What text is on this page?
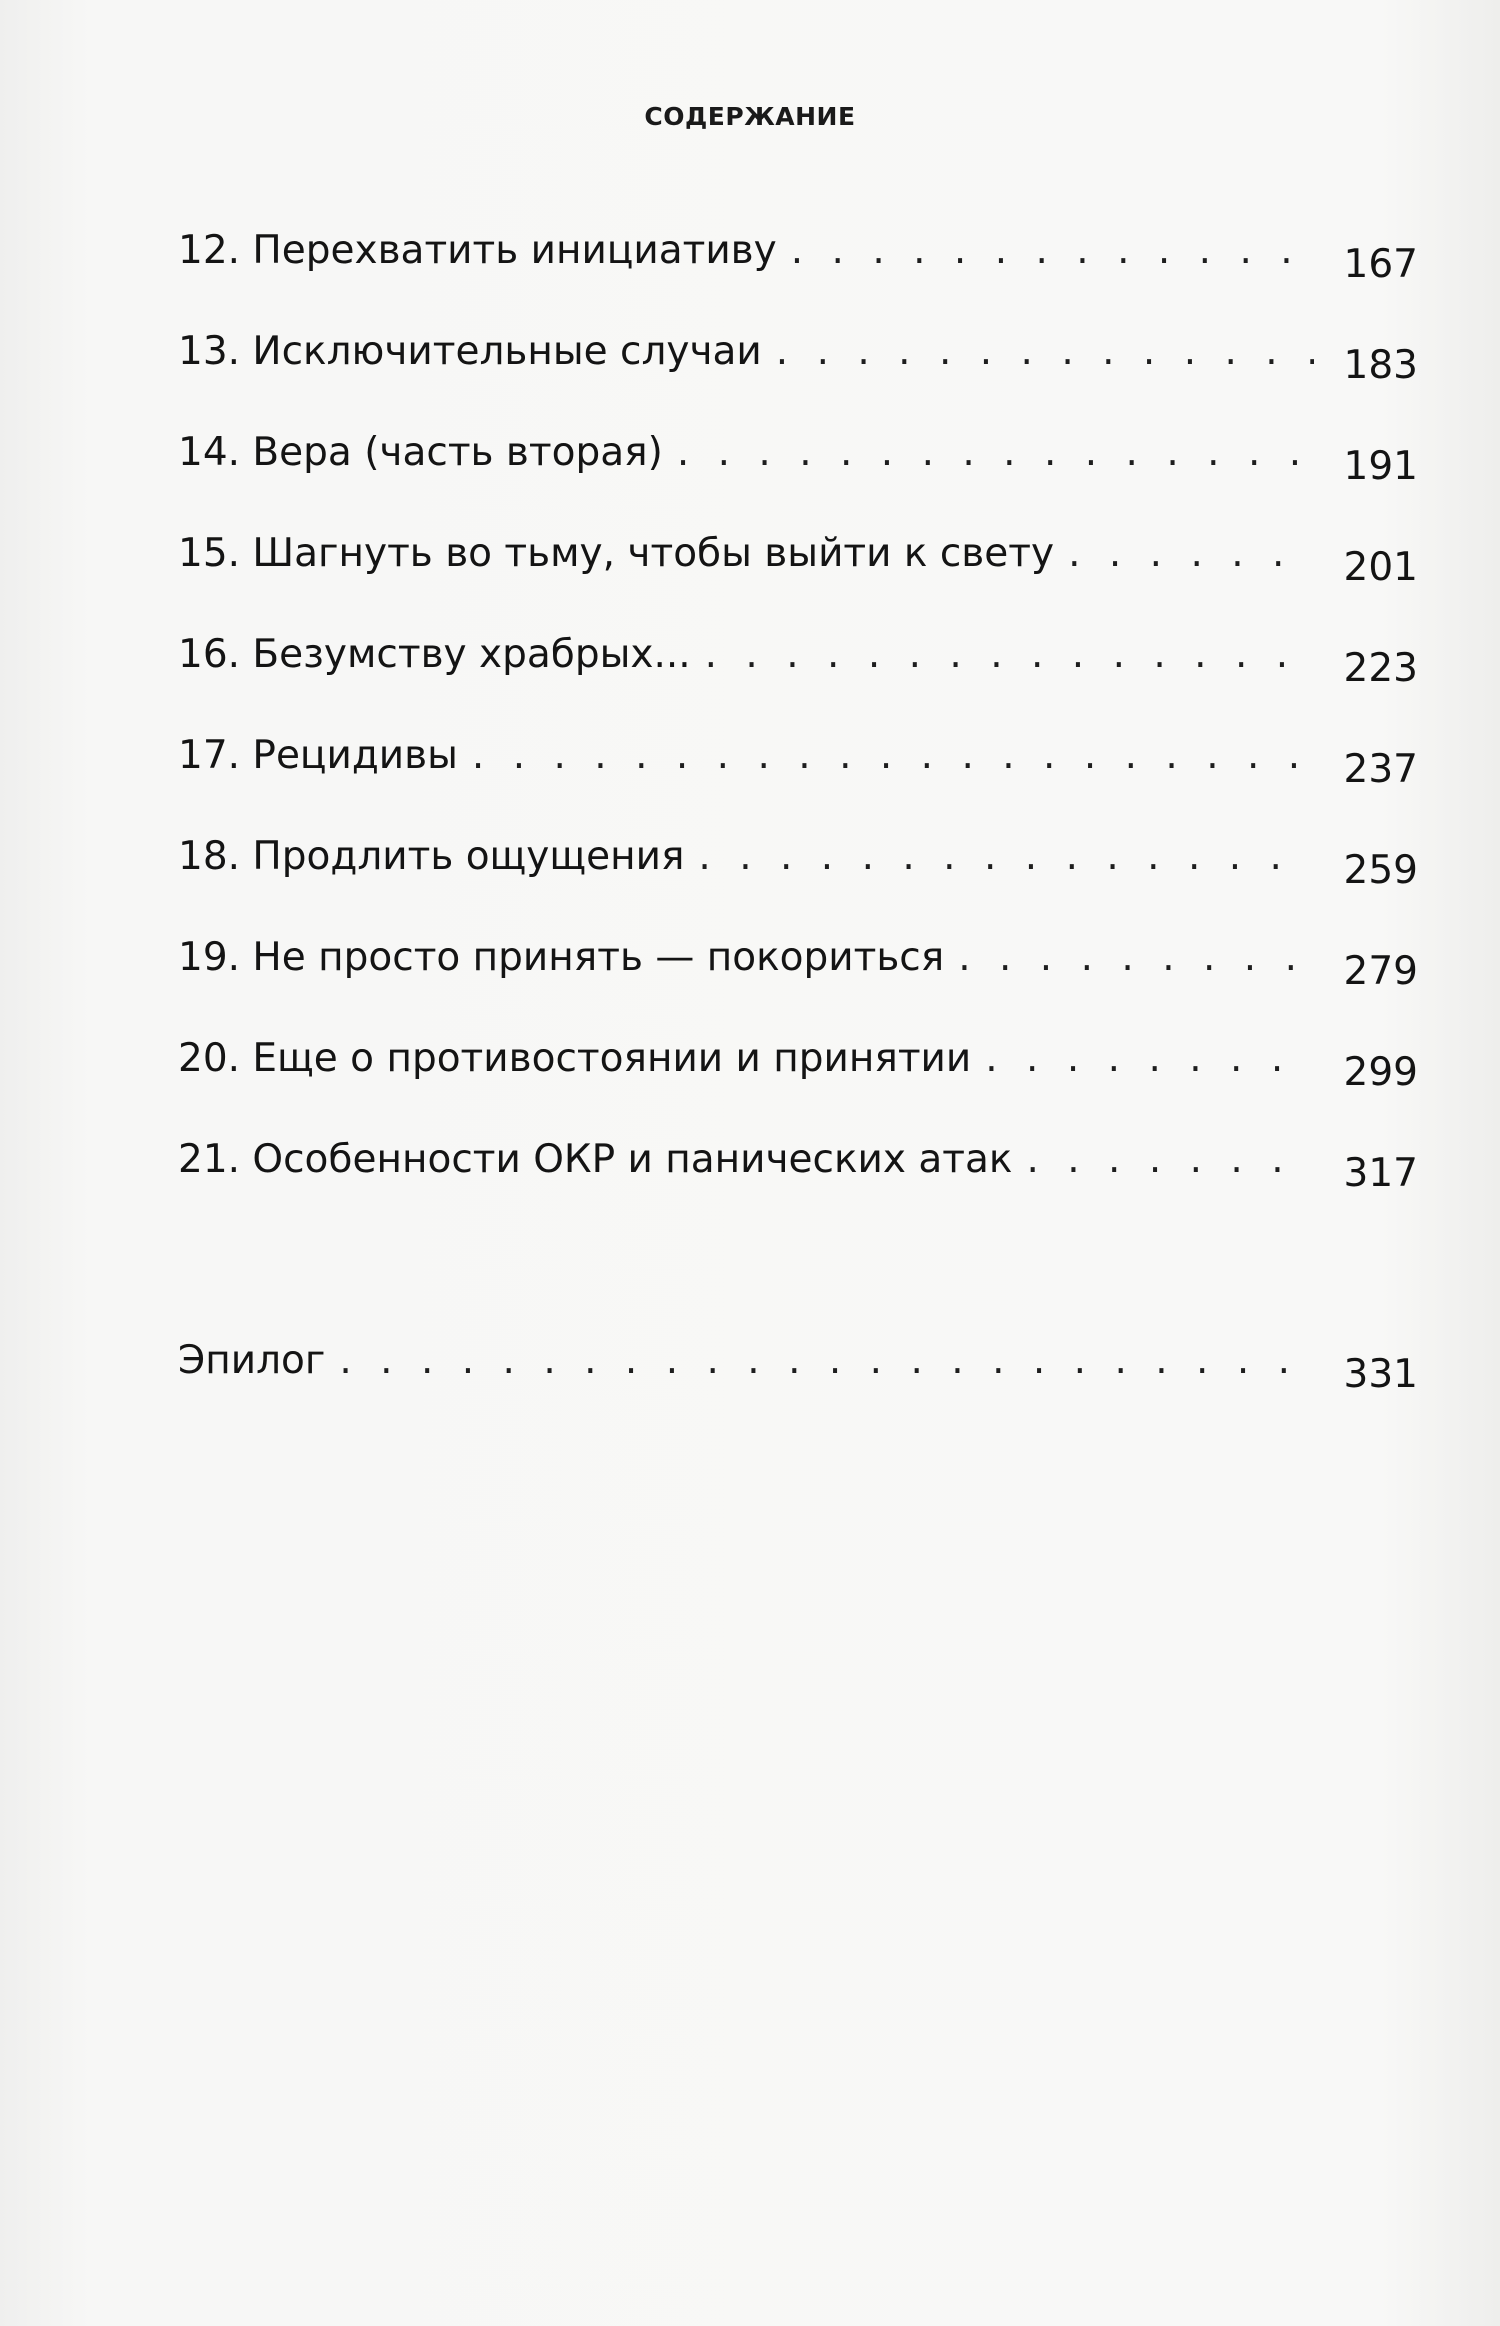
СОДЕРЖАНИЕ
12. Перехватить инициативу . . .	167
13. Исключительные случаи . . .	183
14. Вера (часть вторая) . . .	191
15. Шагнуть во тьму, чтобы выйти к свету . . .	201
16. Безумству храбрых... . . .	223
17. Рецидивы . . .	237
18. Продлить ощущения . . .	259
19. Не просто принять — покориться . . .	279
20. Еще о противостоянии и принятии . . .	299
21. Особенности ОКР и панических атак . . .	317
Эпилог . . .	331
